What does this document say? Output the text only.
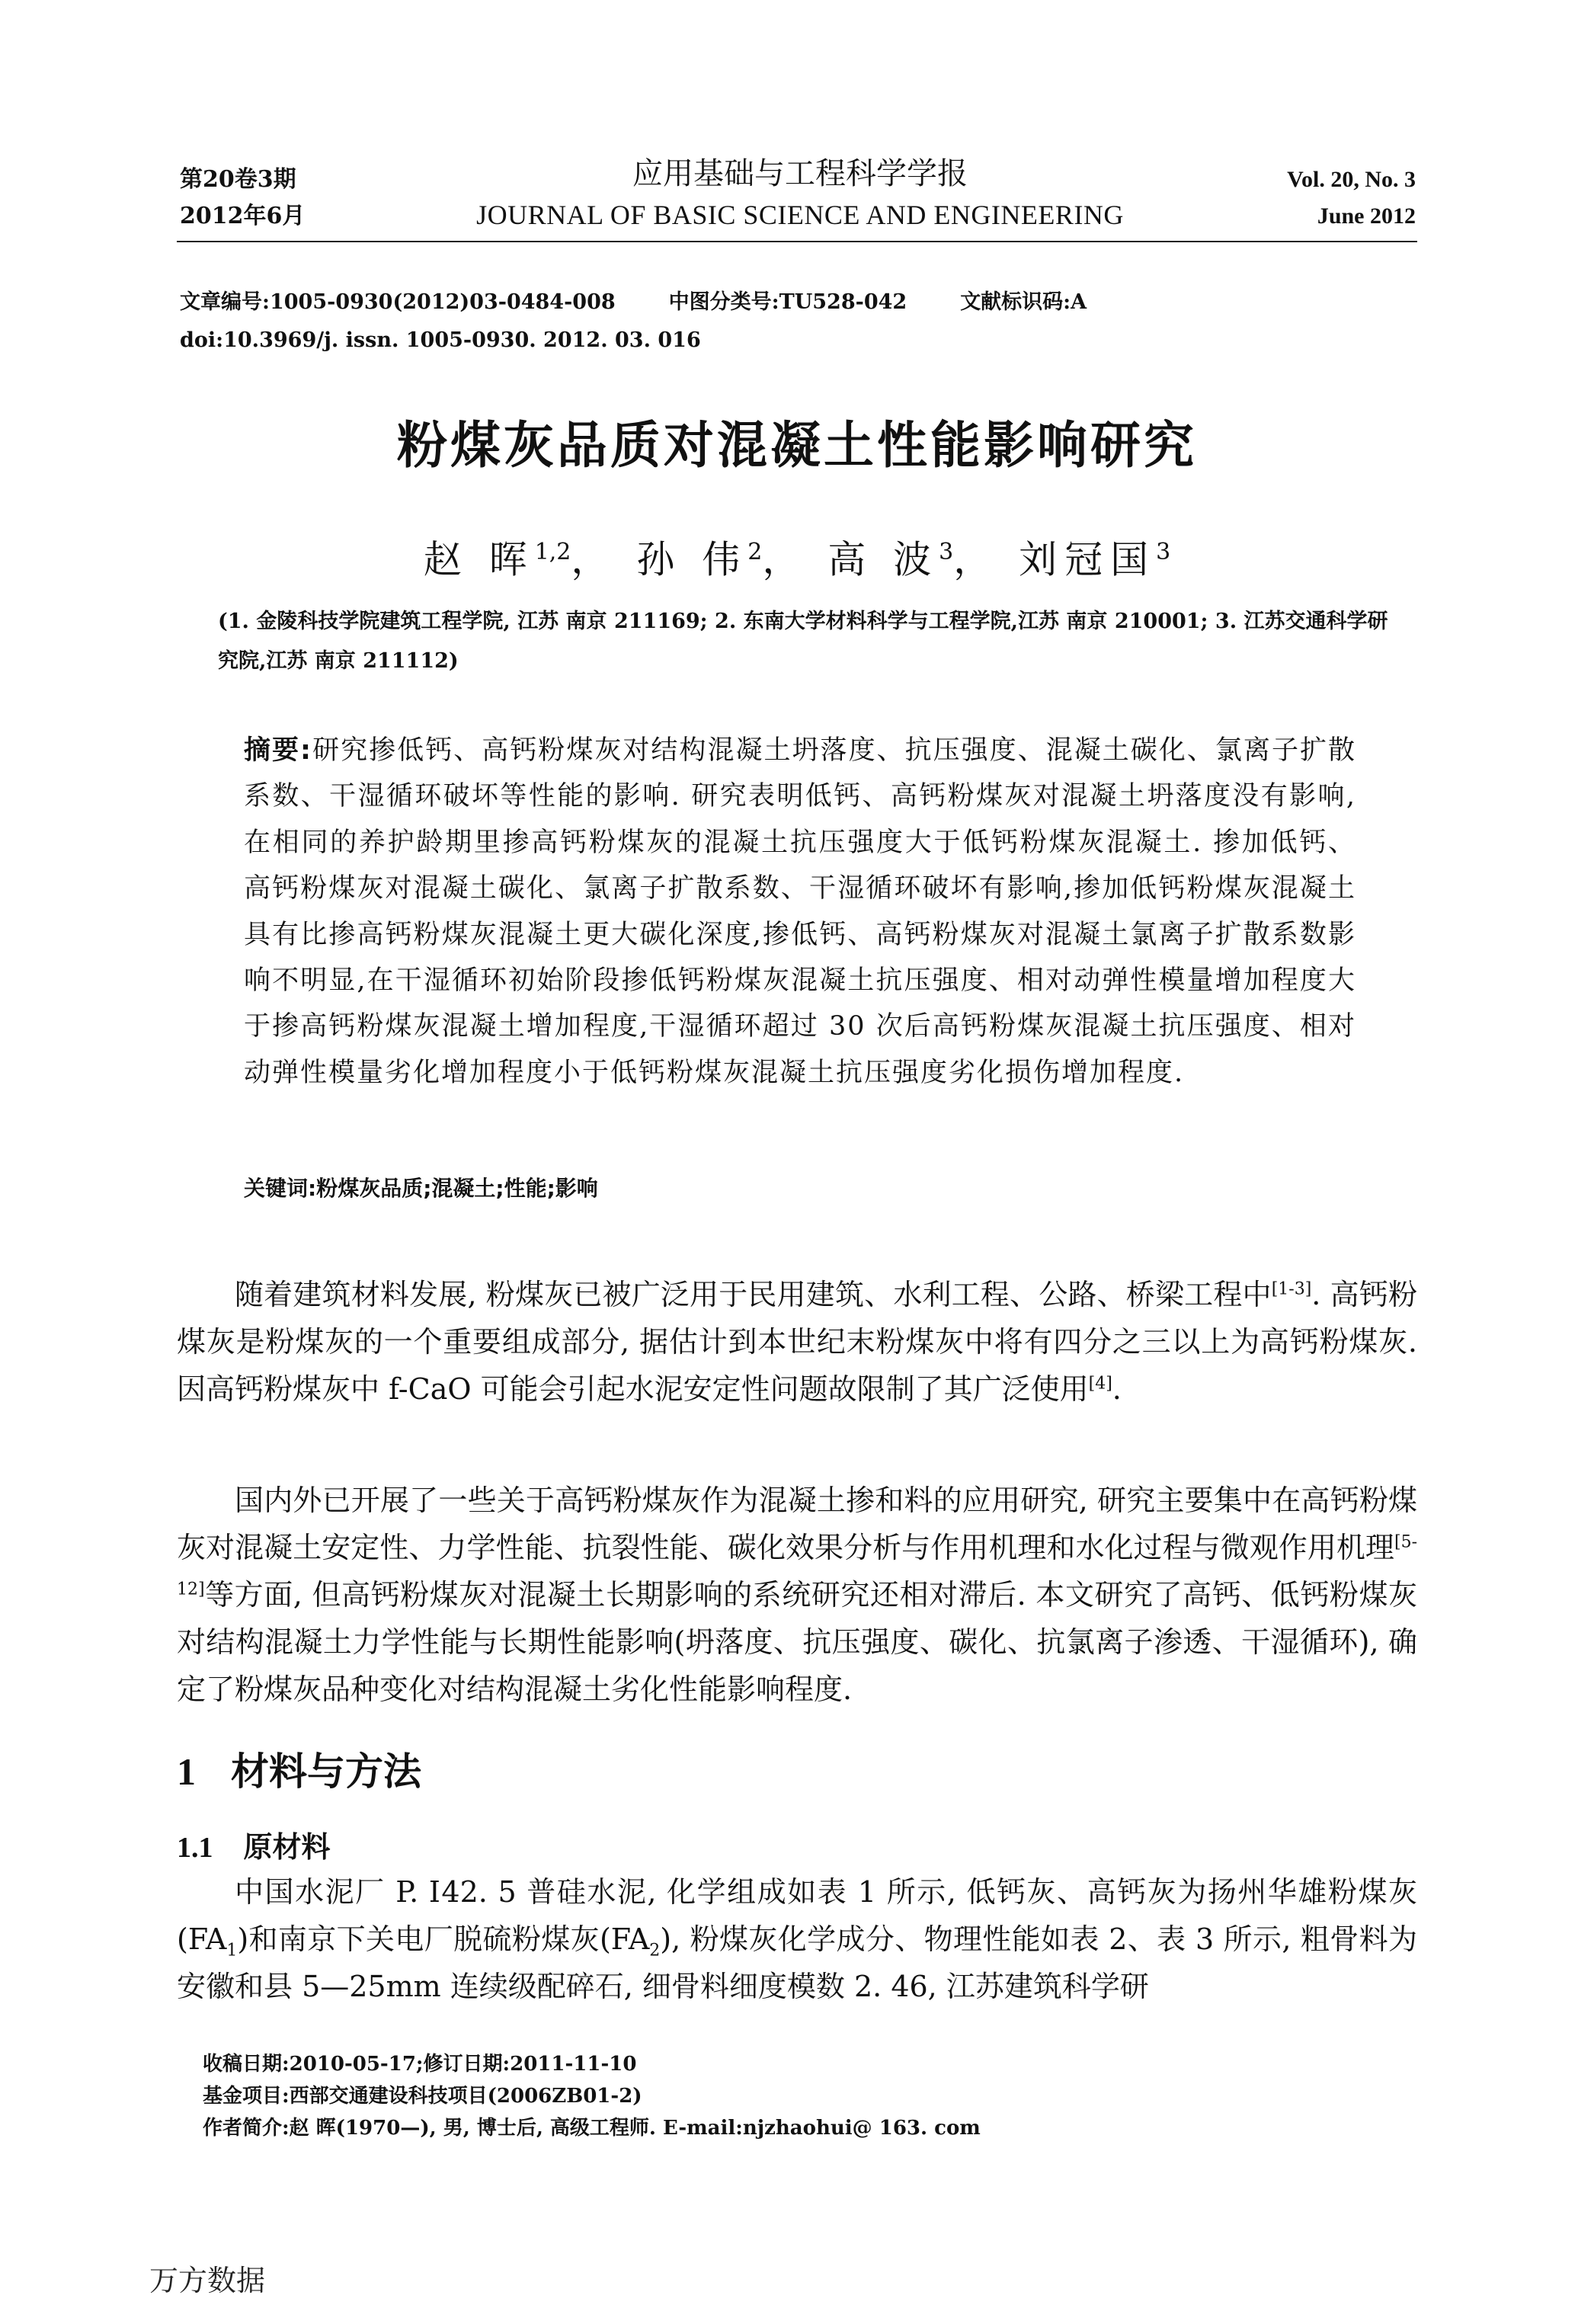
第20卷3期
2012年6月
应用基础与工程科学学报
JOURNAL OF BASIC SCIENCE AND ENGINEERING
Vol. 20, No. 3
June 2012
文章编号:1005-0930(2012)03-0484-008	中图分类号:TU528-042	文献标识码:A
doi:10.3969/j. issn. 1005-0930. 2012. 03. 016
粉煤灰品质对混凝土性能影响研究
赵 晖$^{1,2}$， 孙 伟$^2$， 高 波$^3$， 刘冠国$^3$
(1. 金陵科技学院建筑工程学院, 江苏 南京 211169; 2. 东南大学材料科学与工程学院,江苏 南京 210001; 3. 江苏交通科学研究院,江苏 南京 211112)
摘要:研究掺低钙、高钙粉煤灰对结构混凝土坍落度、抗压强度、混凝土碳化、氯离子扩散系数、干湿循环破坏等性能的影响. 研究表明低钙、高钙粉煤灰对混凝土坍落度没有影响,在相同的养护龄期里掺高钙粉煤灰的混凝土抗压强度大于低钙粉煤灰混凝土. 掺加低钙、高钙粉煤灰对混凝土碳化、氯离子扩散系数、干湿循环破坏有影响,掺加低钙粉煤灰混凝土具有比掺高钙粉煤灰混凝土更大碳化深度,掺低钙、高钙粉煤灰对混凝土氯离子扩散系数影响不明显,在干湿循环初始阶段掺低钙粉煤灰混凝土抗压强度、相对动弹性模量增加程度大于掺高钙粉煤灰混凝土增加程度,干湿循环超过 30 次后高钙粉煤灰混凝土抗压强度、相对动弹性模量劣化增加程度小于低钙粉煤灰混凝土抗压强度劣化损伤增加程度.
关键词:粉煤灰品质;混凝土;性能;影响

随着建筑材料发展, 粉煤灰已被广泛用于民用建筑、水利工程、公路、桥梁工程中[1-3]. 高钙粉煤灰是粉煤灰的一个重要组成部分, 据估计到本世纪末粉煤灰中将有四分之三以上为高钙粉煤灰. 因高钙粉煤灰中 f-CaO 可能会引起水泥安定性问题故限制了其广泛使用[4].

国内外已开展了一些关于高钙粉煤灰作为混凝土掺和料的应用研究, 研究主要集中在高钙粉煤灰对混凝土安定性、力学性能、抗裂性能、碳化效果分析与作用机理和水化过程与微观作用机理[5-12]等方面, 但高钙粉煤灰对混凝土长期影响的系统研究还相对滞后. 本文研究了高钙、低钙粉煤灰对结构混凝土力学性能与长期性能影响(坍落度、抗压强度、碳化、抗氯离子渗透、干湿循环), 确定了粉煤灰品种变化对结构混凝土劣化性能影响程度.

1 材料与方法
1.1 原材料

中国水泥厂 P. Ⅰ42. 5 普硅水泥, 化学组成如表 1 所示, 低钙灰、高钙灰为扬州华雄粉煤灰$(FA_1)$和南京下关电厂脱硫粉煤灰$(FA_2)$, 粉煤灰化学成分、物理性能如表 2、表 3 所示, 粗骨料为安徽和县 5—25mm 连续级配碎石, 细骨料细度模数 2. 46, 江苏建筑科学研

收稿日期:2010-05-17;修订日期:2011-11-10
基金项目:西部交通建设科技项目(2006ZB01-2)
作者简介:赵 晖(1970—), 男, 博士后, 高级工程师. E-mail:njzhaohui@ 163. com
万方数据
